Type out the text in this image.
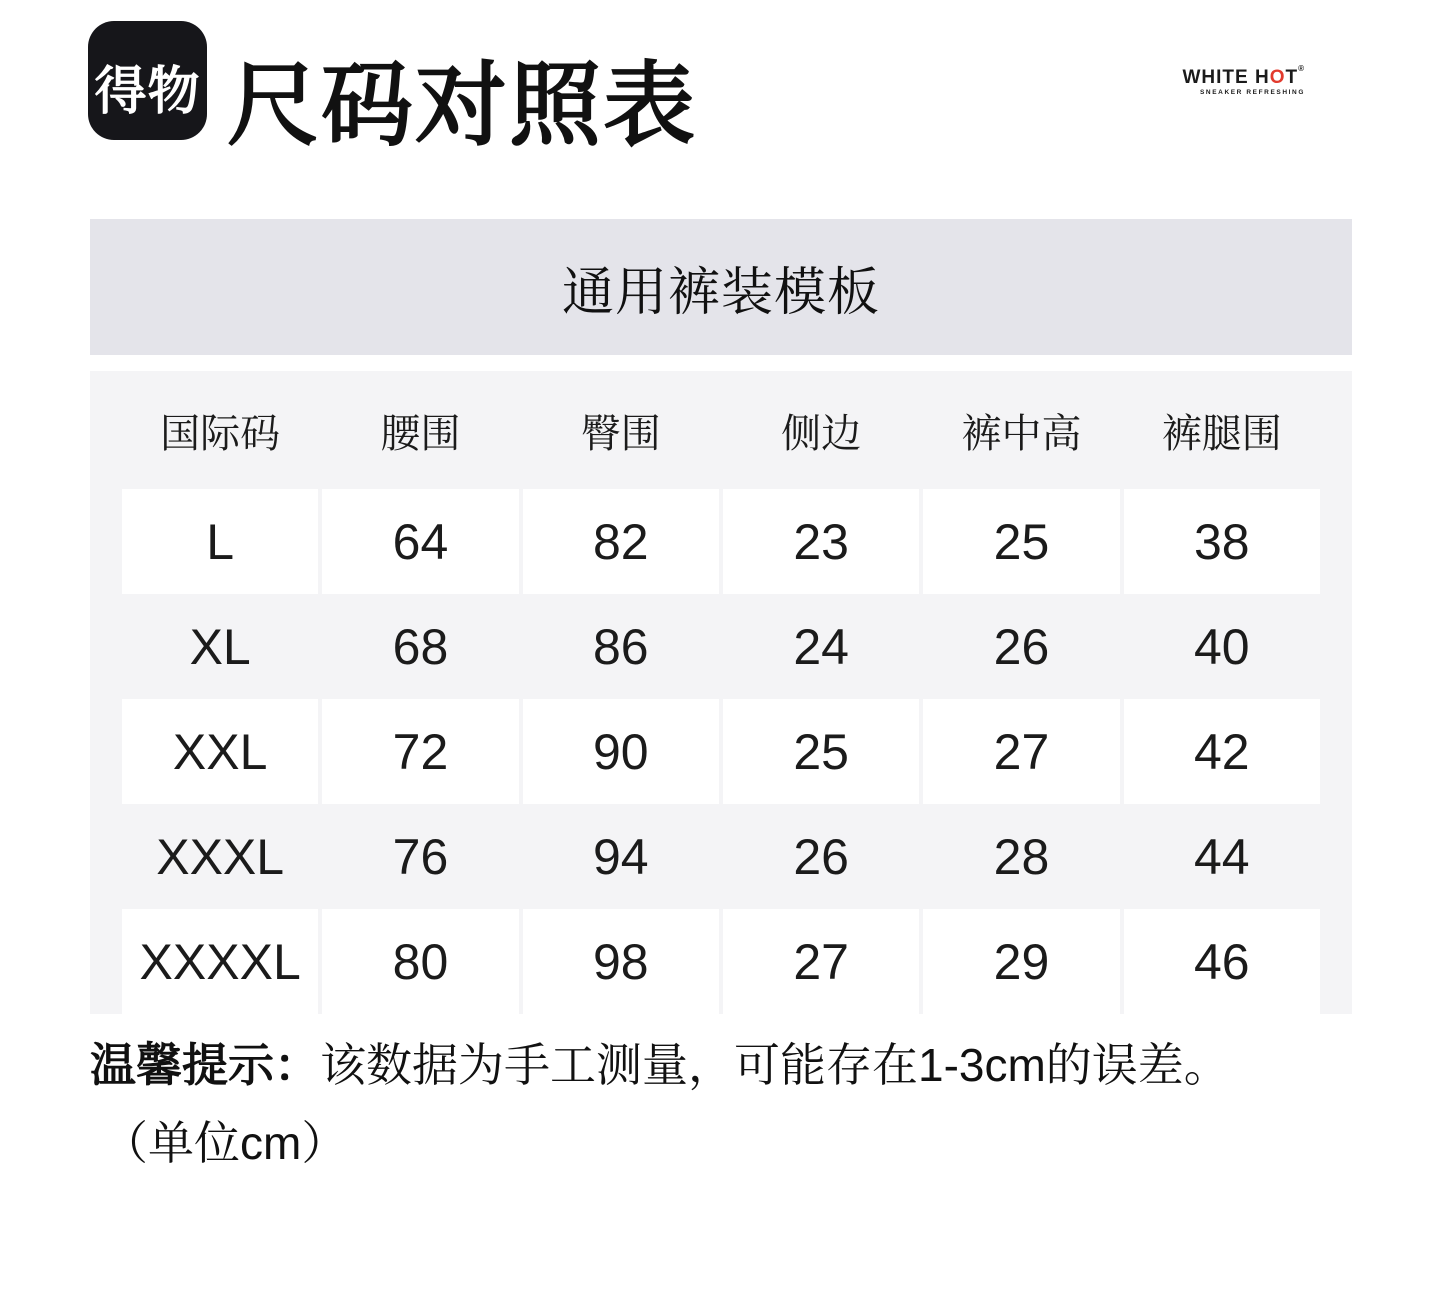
得物 尺码对照表	WHITE HOT®
SNEAKER REFRESHING
通用裤装模板
国际码	腰围	臀围	侧边	裤中高	裤腿围
L	64	82	23	25	38
XL	68	86	24	26	40
XXL	72	90	25	27	42
XXXL	76	94	26	28	44
XXXXL	80	98	27	29	46
温馨提示：该数据为手工测量，可能存在1-3cm的误差。
（单位cm）
